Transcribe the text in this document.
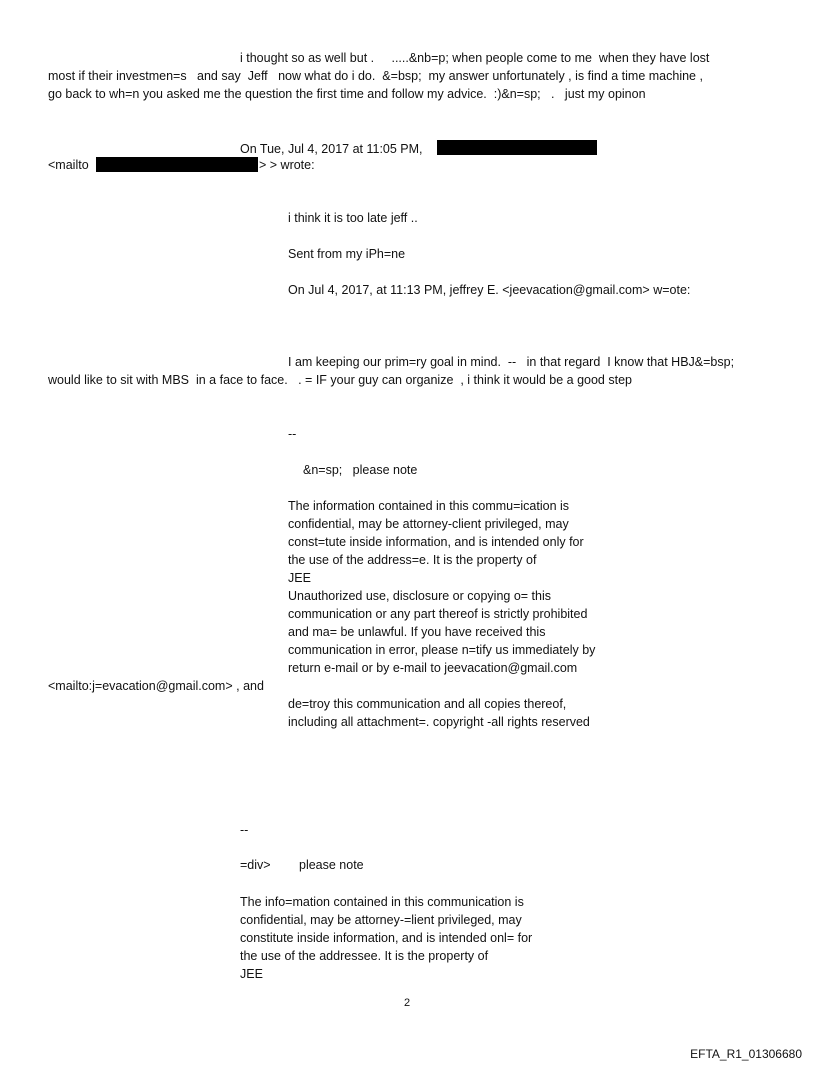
i thought so as well but .     .....&nb=p; when people come to me  when they have lost
most if their investmen=s   and say  Jeff   now what do i do.  &=bsp;  my answer unfortunately , is find a time machine ,
go back to wh=n you asked me the question the first time and follow my advice.  :)&n=sp;   .   just my opinon
On Tue, Jul 4, 2017 at 11:05 PM,
<mailto	> > wrote:
i think it is too late jeff ..
Sent from my iPh=ne
On Jul 4, 2017, at 11:13 PM, jeffrey E. <jeevacation@gmail.com> w=ote:
I am keeping our prim=ry goal in mind.  --   in that regard  I know that HBJ&=bsp;
would like to sit with MBS  in a face to face.   . = IF your guy can organize  , i think it would be a good step
--
&n=sp;   please note
The information contained in this commu=ication is
confidential, may be attorney-client privileged, may
const=tute inside information, and is intended only for
the use of the address=e. It is the property of
JEE
Unauthorized use, disclosure or copying o= this
communication or any part thereof is strictly prohibited
and ma= be unlawful. If you have received this
communication in error, please n=tify us immediately by
return e-mail or by e-mail to jeevacation@gmail.com
<mailto:j=evacation@gmail.com> , and
de=troy this communication and all copies thereof,
including all attachment=. copyright -all rights reserved
--
=div> please note
The info=mation contained in this communication is
confidential, may be attorney-=lient privileged, may
constitute inside information, and is intended onl= for
the use of the addressee. It is the property of
JEE
2
EFTA_R1_01306680
